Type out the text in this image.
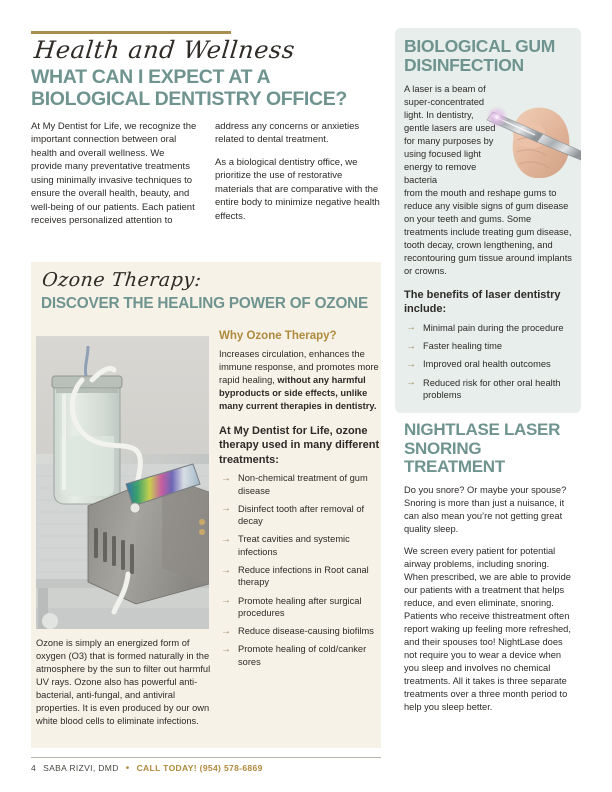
Health and Wellness
WHAT CAN I EXPECT AT A BIOLOGICAL DENTISTRY OFFICE?

At My Dentist for Life, we recognize the important connection between oral health and overall wellness. We provide many preventative treatments using minimally invasive techniques to ensure the overall health, beauty, and well-being of our patients. Each patient receives personalized attention to

address any concerns or anxieties related to dental treatment.

As a biological dentistry office, we prioritize the use of restorative materials that are comparative with the entire body to minimize negative health effects.

Ozone Therapy:
DISCOVER THE HEALING POWER OF OZONE
Why Ozone Therapy?

Increases circulation, enhances the immune response, and promotes more rapid healing, without any harmful byproducts or side effects, unlike many current therapies in dentistry.

At My Dentist for Life, ozone therapy used in many different treatments:
→ Non-chemical treatment of gum disease
→ Disinfect tooth after removal of decay
→ Treat cavities and systemic infections
→ Reduce infections in Root canal therapy
→ Promote healing after surgical procedures
→ Reduce disease-causing biofilms
→ Promote healing of cold/canker sores
Ozone is simply an energized form of oxygen (O3) that is formed naturally in the atmosphere by the sun to filter out harmful UV rays. Ozone also has powerful anti-bacterial, anti-fungal, and antiviral properties. It is even produced by our own white blood cells to eliminate infections.
BIOLOGICAL GUM DISINFECTION
A laser is a beam of super-concentrated light. In dentistry,
gentle lasers are used for many purposes by using focused light energy to remove bacteria
from the mouth and reshape gums to reduce any visible signs of gum disease on your teeth and gums. Some treatments include treating gum disease, tooth decay, crown lengthening, and recontouring gum tissue around implants or crowns.
The benefits of laser dentistry include:
→ Minimal pain during the procedure
→ Faster healing time
→ Improved oral health outcomes
→ Reduced risk for other oral health problems
NIGHTLASE LASER SNORING TREATMENT

Do you snore? Or maybe your spouse? Snoring is more than just a nuisance, it can also mean you’re not getting great quality sleep.

We screen every patient for potential airway problems, including snoring. When prescribed, we are able to provide our patients with a treatment that helps reduce, and even eliminate, snoring. Patients who receive thistreatment often report waking up feeling more refreshed, and their spouses too! NightLase does not require you to wear a device when you sleep and involves no chemical treatments. All it takes is three separate treatments over a three month period to help you sleep better.

4 SABA RIZVI, DMD • CALL TODAY! (954) 578-6869
